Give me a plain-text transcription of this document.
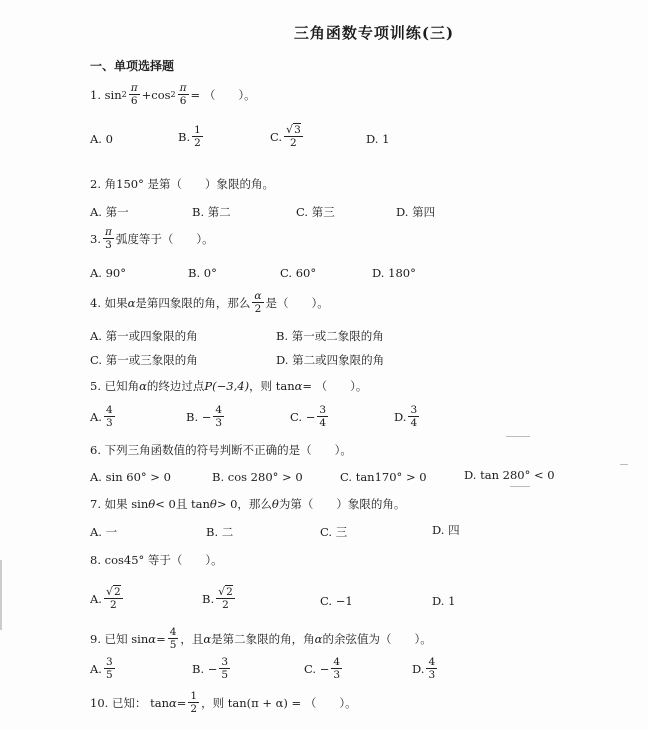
三角函数专项训练(三)
一、单项选择题
1. $\sin 2 \frac{\pi}{6} +\cos$ $2 \frac{\pi}{6}$ = （　　）。
A. 0	B. $\frac{1}{2}$	C. $\frac{√3}{2}$	D. 1
2. 角150° 是第（　　）象限的角。
A. 第一	B. 第二	C. 第三	D. 第四
3. $\frac{\pi}{3}$ 弧度等于（　　）。
A. 90°	B. 0°	C. 60°	D. 180°
4. 如果 α 是第四象限的角，那么 $\frac{\alpha}{2}$ 是（　　）。
A. 第一或四象限的角	B. 第一或二象限的角
C. 第一或三象限的角	D. 第二或四象限的角
5. 已知角 α 的终边过点 P(−3,4) ，则 tan α = （　　）。
A. $\frac{4}{3}$	B. − $\frac{4}{3}$	C. − $\frac{3}{4}$	D. $\frac{3}{4}$
6. 下列三角函数值的符号判断不正确的是（　　）。
A. sin 60° > 0	B. cos 280° > 0	C. tan170° > 0	D. tan 280° < 0
7. 如果 sin θ < 0且 tan θ > 0，那么 θ 为第（　　）象限的角。
A. 一	B. 二	C. 三	D. 四
8. cos45° 等于（　　）。
A. $\frac{√2}{2}$	B. $\frac{√2}{2}$	C. −1	D. 1
9. 已知 $\sin \alpha = \frac{4}{5}$ ，且 α 是第二象限的角，角 α 的余弦值为（　　）。
A. $\frac{3}{5}$	B. − $\frac{3}{5}$	C. − $\frac{4}{3}$	D. $\frac{4}{3}$
10. 已知： $\tan \alpha = \frac{1}{2}$ ，则 tan(π + α) = （　　）。
